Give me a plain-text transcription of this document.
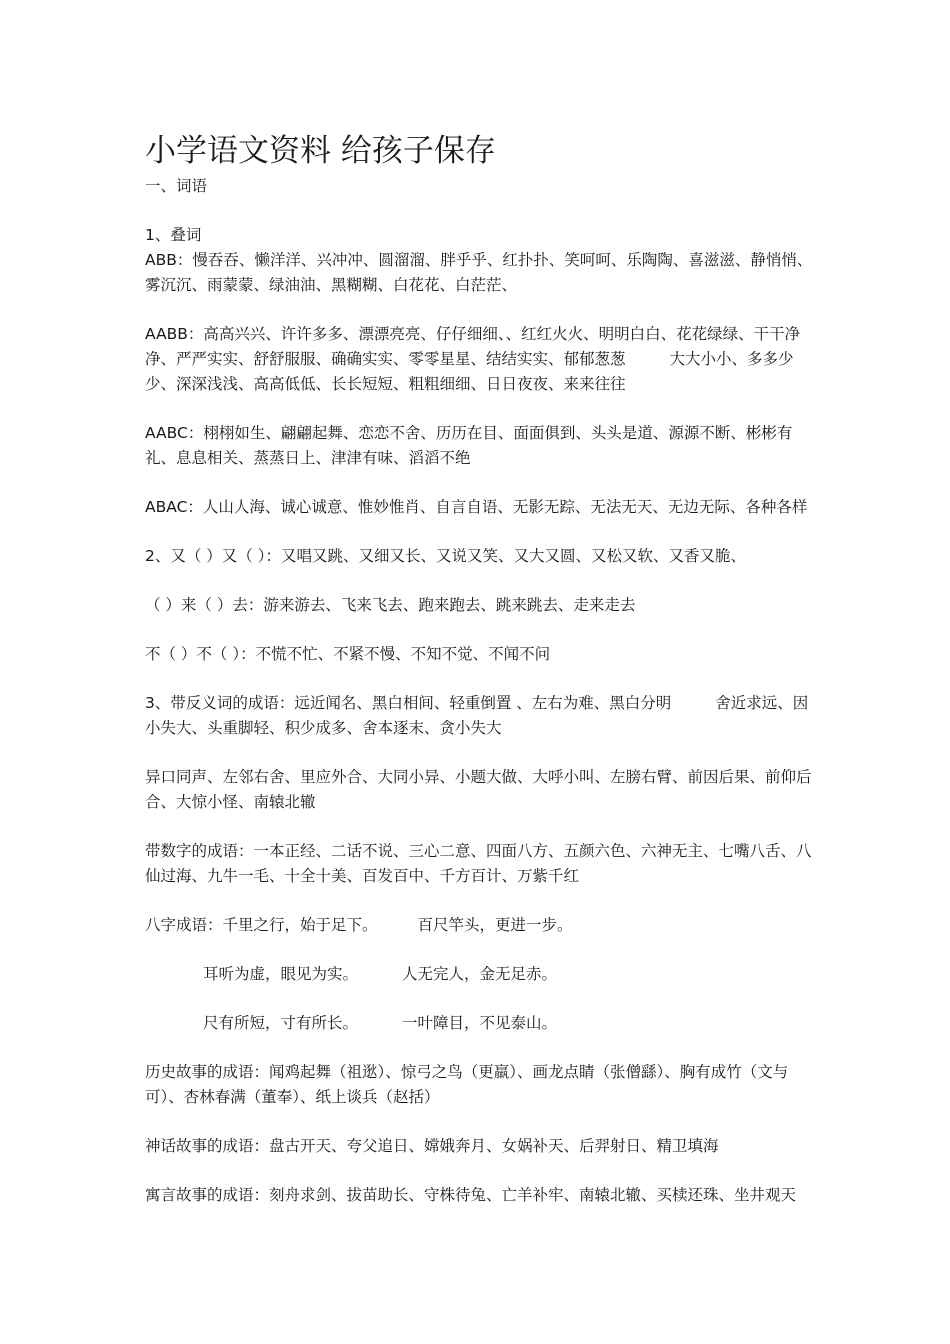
小学语文资料 给孩子保存

一、词语

1、叠词

ABB：慢吞吞、懒洋洋、兴冲冲、圆溜溜、胖乎乎、红扑扑、笑呵呵、乐陶陶、喜滋滋、静悄悄、雾沉沉、雨蒙蒙、绿油油、黑糊糊、白花花、白茫茫、

AABB：高高兴兴、许许多多、漂漂亮亮、仔仔细细、、红红火火、明明白白、花花绿绿、干干净净、严严实实、舒舒服服、确确实实、零零星星、结结实实、郁郁葱葱	大大小小、多多少少、深深浅浅、高高低低、长长短短、粗粗细细、日日夜夜、来来往往

AABC：栩栩如生、翩翩起舞、恋恋不舍、历历在目、面面俱到、头头是道、源源不断、彬彬有礼、息息相关、蒸蒸日上、津津有味、滔滔不绝

ABAC：人山人海、诚心诚意、惟妙惟肖、自言自语、无影无踪、无法无天、无边无际、各种各样

2、又（ ）又（ ）：又唱又跳、又细又长、又说又笑、又大又圆、又松又软、又香又脆、

（ ）来（ ）去：游来游去、飞来飞去、跑来跑去、跳来跳去、走来走去

不（ ）不（ ）：不慌不忙、不紧不慢、不知不觉、不闻不问

3、带反义词的成语：远近闻名、黑白相间、轻重倒置 、左右为难、黑白分明	舍近求远、因小失大、头重脚轻、积少成多、舍本逐末、贪小失大

异口同声、左邻右舍、里应外合、大同小异、小题大做、大呼小叫、左膀右臂、前因后果、前仰后合、大惊小怪、南辕北辙

带数字的成语：一本正经、二话不说、三心二意、四面八方、五颜六色、六神无主、七嘴八舌、八仙过海、九牛一毛、十全十美、百发百中、千方百计、万紫千红

八字成语：千里之行，始于足下。	百尺竿头，更进一步。

耳听为虚，眼见为实。	人无完人，金无足赤。

尺有所短，寸有所长。	一叶障目，不见泰山。

历史故事的成语：闻鸡起舞（祖逖）、惊弓之鸟（更羸）、画龙点睛（张僧繇）、胸有成竹（文与可）、杏林春满（董奉）、纸上谈兵（赵括）

神话故事的成语：盘古开天、夸父追日、嫦娥奔月、女娲补天、后羿射日、精卫填海

寓言故事的成语：刻舟求剑、拔苗助长、守株待兔、亡羊补牢、南辕北辙、买椟还珠、坐井观天
